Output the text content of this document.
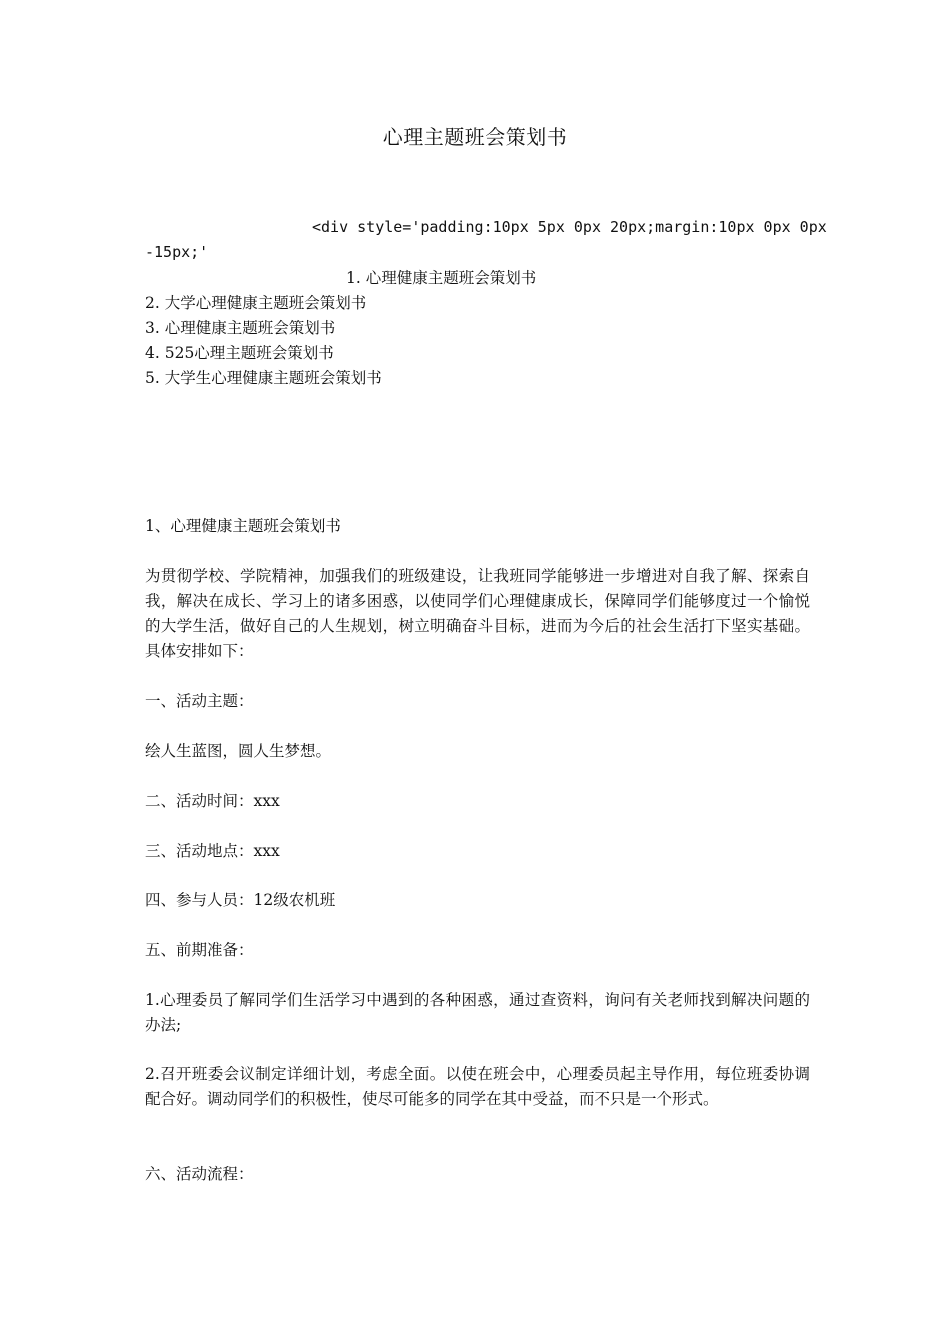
心理主题班会策划书
<div style='padding:10px 5px 0px 20px;margin:10px 0px 0px
-15px;'
1. 心理健康主题班会策划书
2. 大学心理健康主题班会策划书
3. 心理健康主题班会策划书
4. 525心理主题班会策划书
5. 大学生心理健康主题班会策划书
1、心理健康主题班会策划书
为贯彻学校、学院精神，加强我们的班级建设，让我班同学能够进一步增进对自我了解、探索自我，解决在成长、学习上的诸多困惑，以使同学们心理健康成长，保障同学们能够度过一个愉悦的大学生活，做好自己的人生规划，树立明确奋斗目标，进而为今后的社会生活打下坚实基础。具体安排如下：
一、活动主题：
绘人生蓝图，圆人生梦想。
二、活动时间：xxx
三、活动地点：xxx
四、参与人员：12级农机班
五、前期准备：
1.心理委员了解同学们生活学习中遇到的各种困惑，通过查资料，询问有关老师找到解决问题的办法;
2.召开班委会议制定详细计划，考虑全面。以使在班会中，心理委员起主导作用，每位班委协调配合好。调动同学们的积极性，使尽可能多的同学在其中受益，而不只是一个形式。
六、活动流程：
